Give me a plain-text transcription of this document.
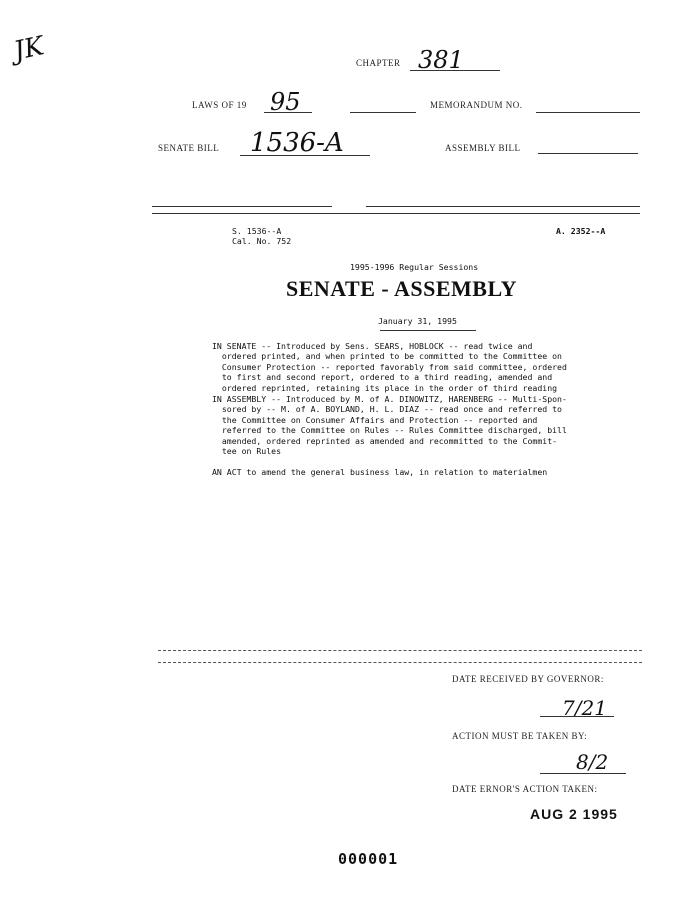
JK	CHAPTER 381
LAWS OF 19 95	MEMORANDUM NO.
SENATE BILL 1536-A	ASSEMBLY BILL
S. 1536--A
Cal. No. 752
A. 2352--A
1995-1996 Regular Sessions
SENATE - ASSEMBLY
January 31, 1995
IN SENATE -- Introduced by Sens. SEARS, HOBLOCK -- read twice and
ordered printed, and when printed to be committed to the Committee on
Consumer Protection -- reported favorably from said committee, ordered
to first and second report, ordered to a third reading, amended and
ordered reprinted, retaining its place in the order of third reading
IN ASSEMBLY -- Introduced by M. of A. DINOWITZ, HARENBERG -- Multi-Spon-
sored by -- M. of A. BOYLAND, H. L. DIAZ -- read once and referred to
the Committee on Consumer Affairs and Protection -- reported and
referred to the Committee on Rules -- Rules Committee discharged, bill
amended, ordered reprinted as amended and recommitted to the Commit-
tee on Rules
AN ACT to amend the general business law, in relation to materialmen
DATE RECEIVED BY GOVERNOR:
7/21
ACTION MUST BE TAKEN BY:
8/2
DATE ERNOR'S ACTION TAKEN:
AUG 2 1995
000001
